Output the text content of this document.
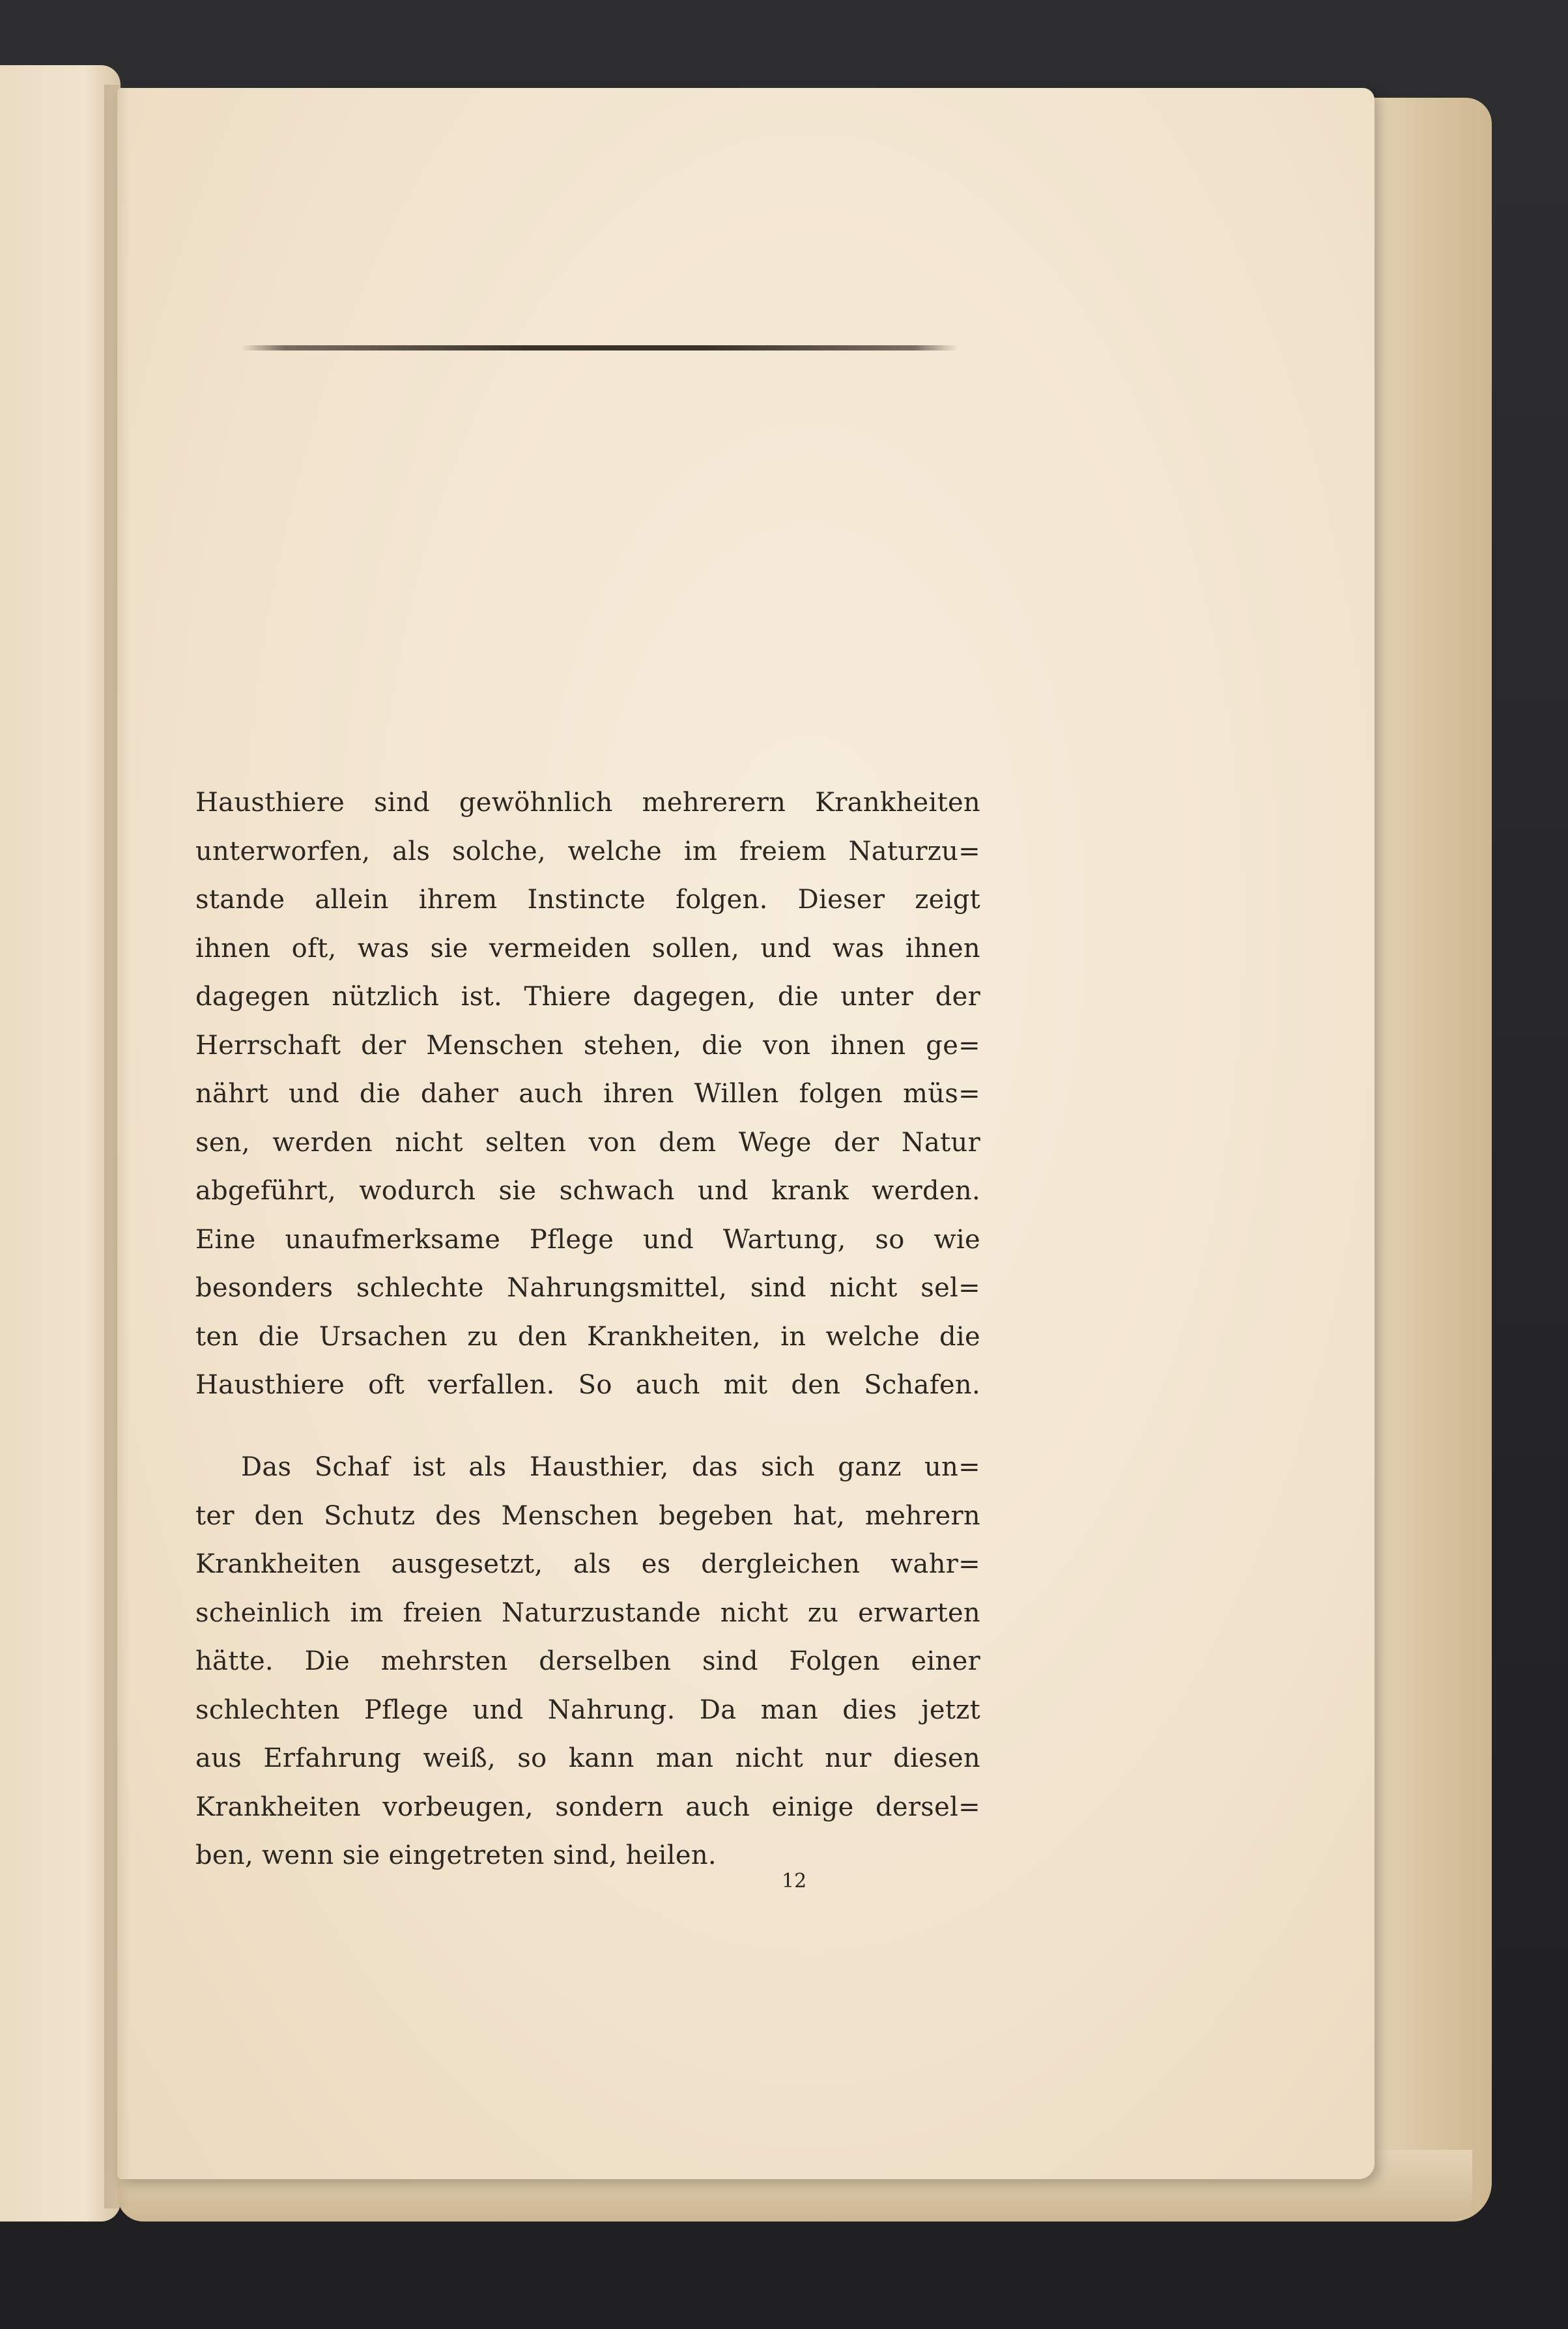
Hausthiere sind gewöhnlich mehrerern Krankheiten
unterworfen, als solche, welche im freiem Naturzu=
stande allein ihrem Instincte folgen. Dieser zeigt
ihnen oft, was sie vermeiden sollen, und was ihnen
dagegen nützlich ist. Thiere dagegen, die unter der
Herrschaft der Menschen stehen, die von ihnen ge=
nährt und die daher auch ihren Willen folgen müs=
sen, werden nicht selten von dem Wege der Natur
abgeführt, wodurch sie schwach und krank werden.
Eine unaufmerksame Pflege und Wartung, so wie
besonders schlechte Nahrungsmittel, sind nicht sel=
ten die Ursachen zu den Krankheiten, in welche die
Hausthiere oft verfallen. So auch mit den Schafen.
Das Schaf ist als Hausthier, das sich ganz un=
ter den Schutz des Menschen begeben hat, mehrern
Krankheiten ausgesetzt, als es dergleichen wahr=
scheinlich im freien Naturzustande nicht zu erwarten
hätte. Die mehrsten derselben sind Folgen einer
schlechten Pflege und Nahrung. Da man dies jetzt
aus Erfahrung weiß, so kann man nicht nur diesen
Krankheiten vorbeugen, sondern auch einige dersel=
ben, wenn sie eingetreten sind, heilen.
12
